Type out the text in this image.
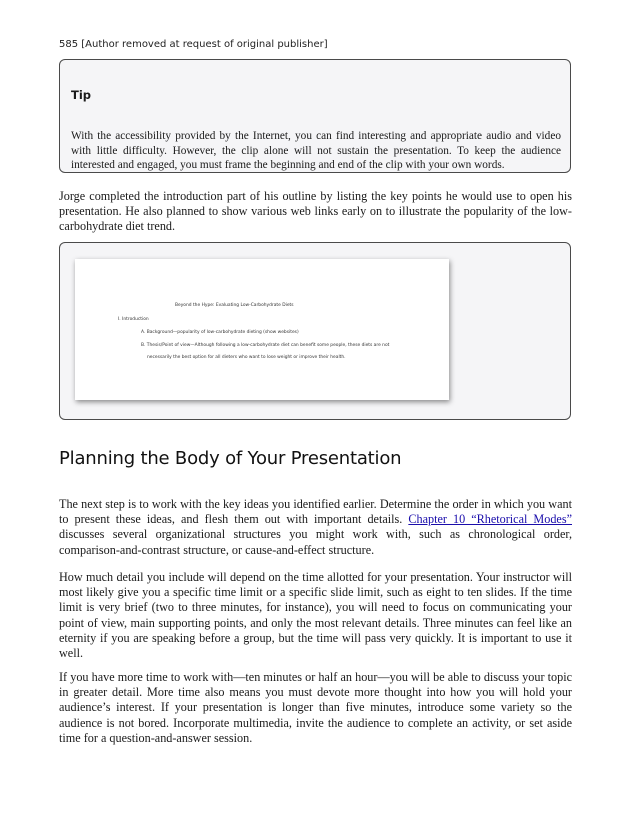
585 [Author removed at request of original publisher]
Tip
With the accessibility provided by the Internet, you can find interesting and appropriate audio and video with little difficulty. However, the clip alone will not sustain the presentation. To keep the audience interested and engaged, you must frame the beginning and end of the clip with your own words.
Jorge completed the introduction part of his outline by listing the key points he would use to open his presentation. He also planned to show various web links early on to illustrate the popularity of the low-carbohydrate diet trend.
Beyond the Hype: Evaluating Low-Carbohydrate Diets
I. Introduction
A. Background—popularity of low-carbohydrate dieting (show websites)
B. Thesis/Point of view—Although following a low-carbohydrate diet can benefit some people, these diets are not
necessarily the best option for all dieters who want to lose weight or improve their health.
Planning the Body of Your Presentation
The next step is to work with the key ideas you identified earlier. Determine the order in which you want to present these ideas, and flesh them out with important details. Chapter 10 “Rhetorical Modes” discusses several organizational structures you might work with, such as chronological order, comparison-and-contrast structure, or cause-and-effect structure.
How much detail you include will depend on the time allotted for your presentation. Your instructor will most likely give you a specific time limit or a specific slide limit, such as eight to ten slides. If the time limit is very brief (two to three minutes, for instance), you will need to focus on communicating your point of view, main supporting points, and only the most relevant details. Three minutes can feel like an eternity if you are speaking before a group, but the time will pass very quickly. It is important to use it well.
If you have more time to work with—ten minutes or half an hour—you will be able to discuss your topic in greater detail. More time also means you must devote more thought into how you will hold your audience’s interest. If your presentation is longer than five minutes, introduce some variety so the audience is not bored. Incorporate multimedia, invite the audience to complete an activity, or set aside time for a question-and-answer session.
